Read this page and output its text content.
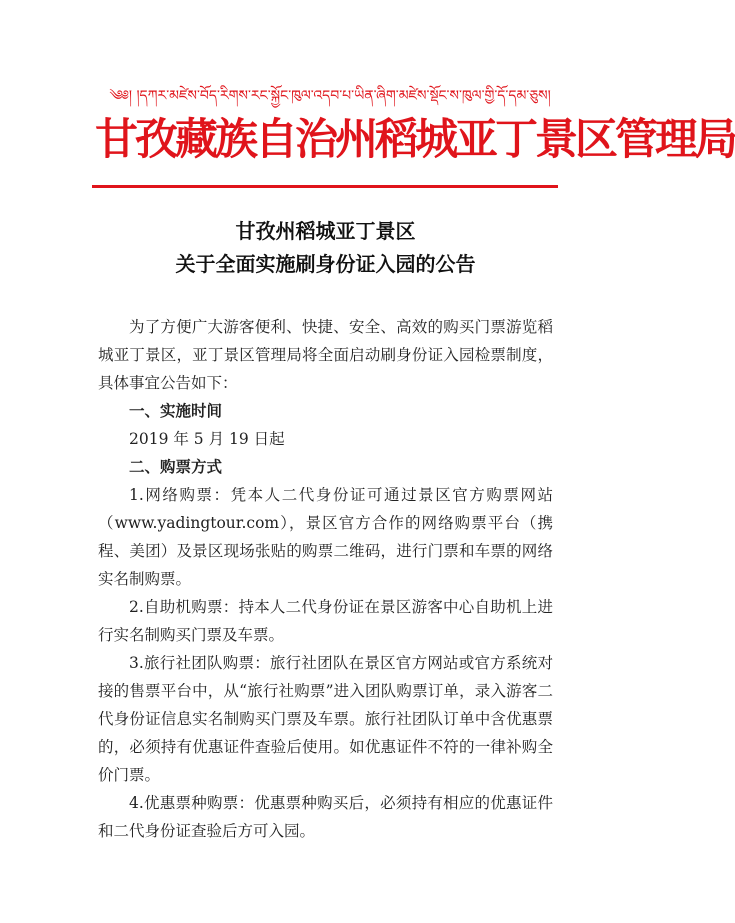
༄༅། །དཀར་མཛེས་བོད་རིགས་རང་སྐྱོང་ཁུལ་འདབ་པ་ཡིན་ཞིག་མཛེས་སྡོང་ས་ཁུལ་གྱི་དོ་དམ་ཅུས།
甘孜藏族自治州稻城亚丁景区管理局
甘孜州稻城亚丁景区
关于全面实施刷身份证入园的公告

为了方便广大游客便利、快捷、安全、高效的购买门票游览稻城亚丁景区，亚丁景区管理局将全面启动刷身份证入园检票制度，具体事宜公告如下：

一、实施时间

2019 年 5 月 19 日起

二、购票方式

1.网络购票：凭本人二代身份证可通过景区官方购票网站（www.yadingtour.com），景区官方合作的网络购票平台（携程、美团）及景区现场张贴的购票二维码，进行门票和车票的网络实名制购票。

2.自助机购票：持本人二代身份证在景区游客中心自助机上进行实名制购买门票及车票。

3.旅行社团队购票：旅行社团队在景区官方网站或官方系统对接的售票平台中，从“旅行社购票”进入团队购票订单，录入游客二代身份证信息实名制购买门票及车票。旅行社团队订单中含优惠票的，必须持有优惠证件查验后使用。如优惠证件不符的一律补购全价门票。

4.优惠票种购票：优惠票种购买后，必须持有相应的优惠证件和二代身份证查验后方可入园。
